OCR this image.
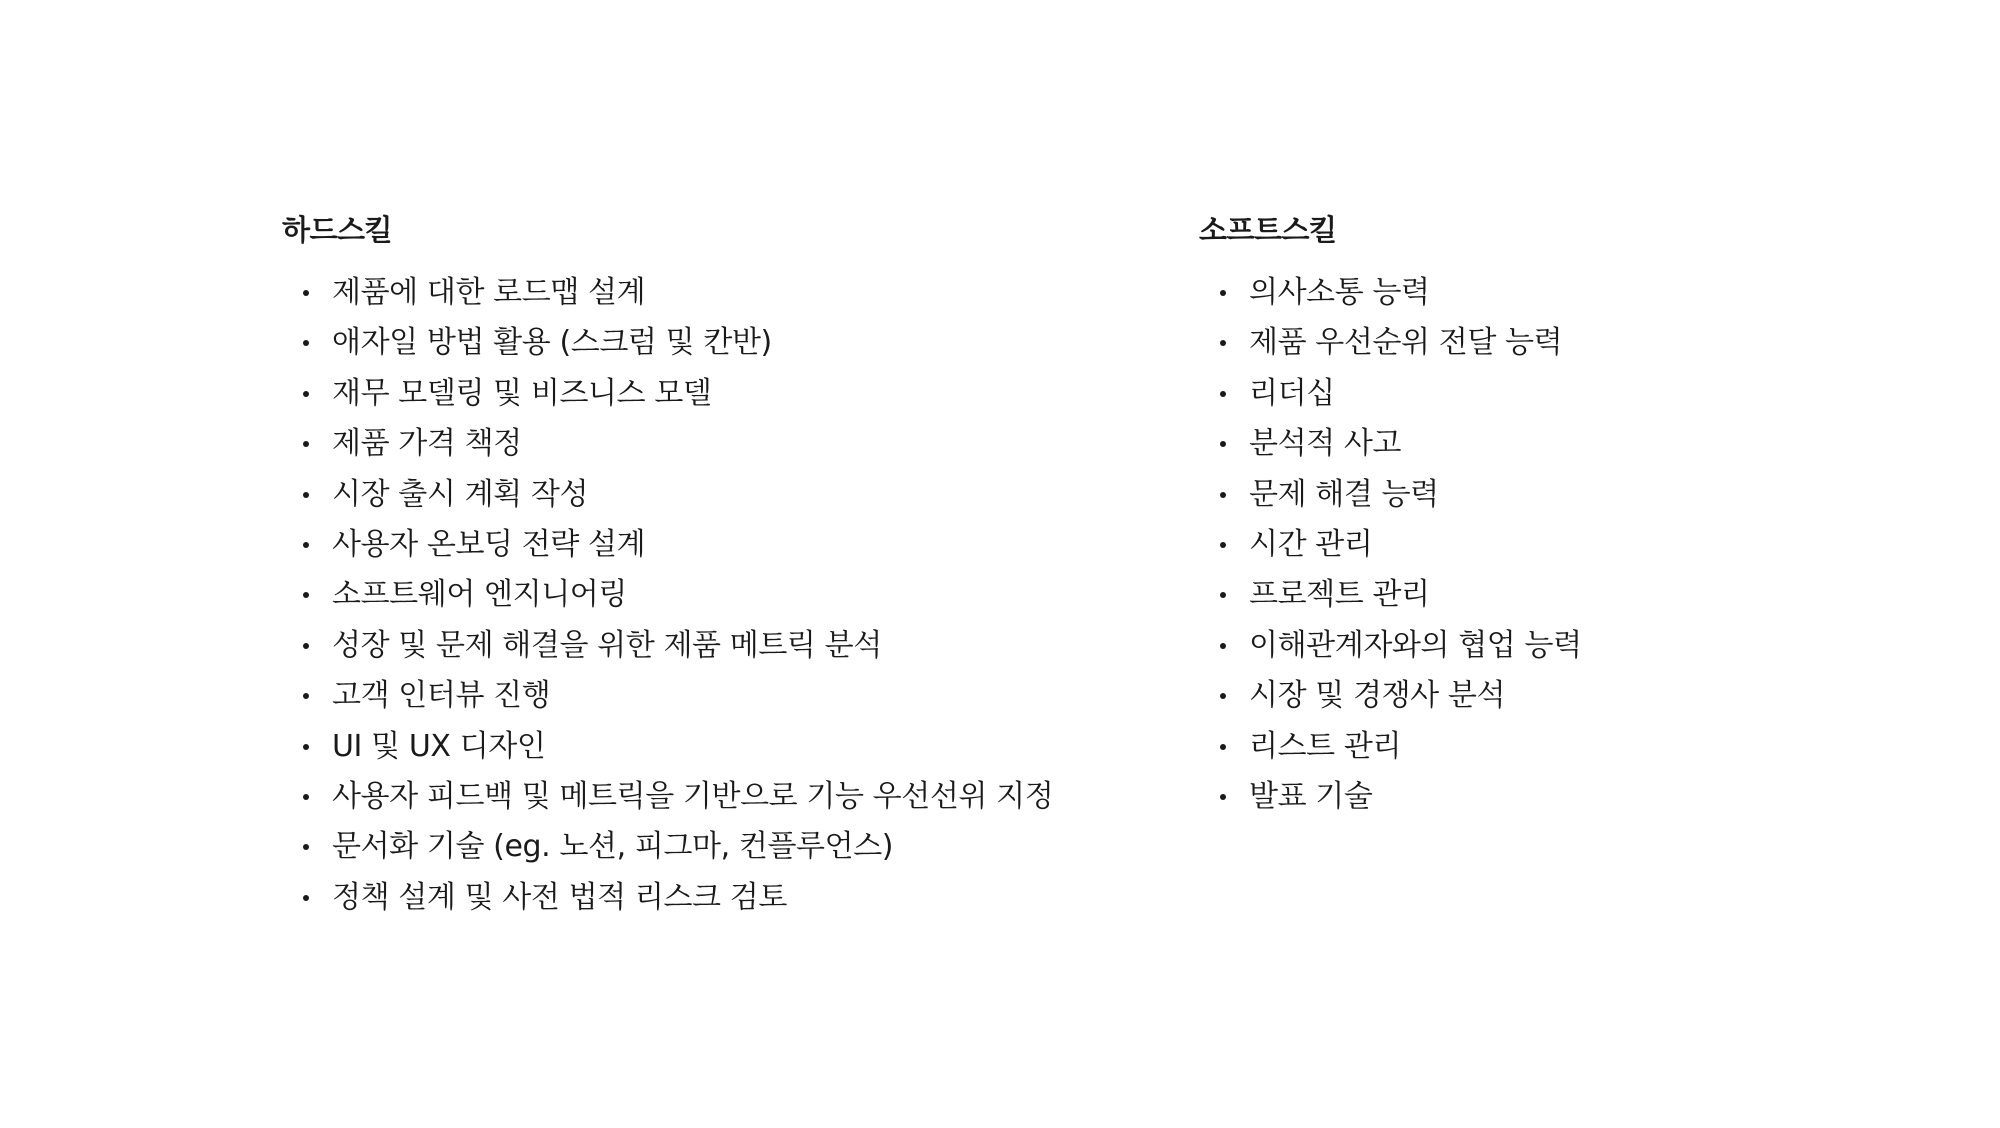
하드스킬
제품에 대한 로드맵 설계
애자일 방법 활용 (스크럼 및 칸반)
재무 모델링 및 비즈니스 모델
제품 가격 책정
시장 출시 계획 작성
사용자 온보딩 전략 설계
소프트웨어 엔지니어링
성장 및 문제 해결을 위한 제품 메트릭 분석
고객 인터뷰 진행
UI 및 UX 디자인
사용자 피드백 및 메트릭을 기반으로 기능 우선선위 지정
문서화 기술 (eg. 노션, 피그마, 컨플루언스)
정책 설계 및 사전 법적 리스크 검토
소프트스킬
의사소통 능력
제품 우선순위 전달 능력
리더십
분석적 사고
문제 해결 능력
시간 관리
프로젝트 관리
이해관계자와의 협업 능력
시장 및 경쟁사 분석
리스트 관리
발표 기술
